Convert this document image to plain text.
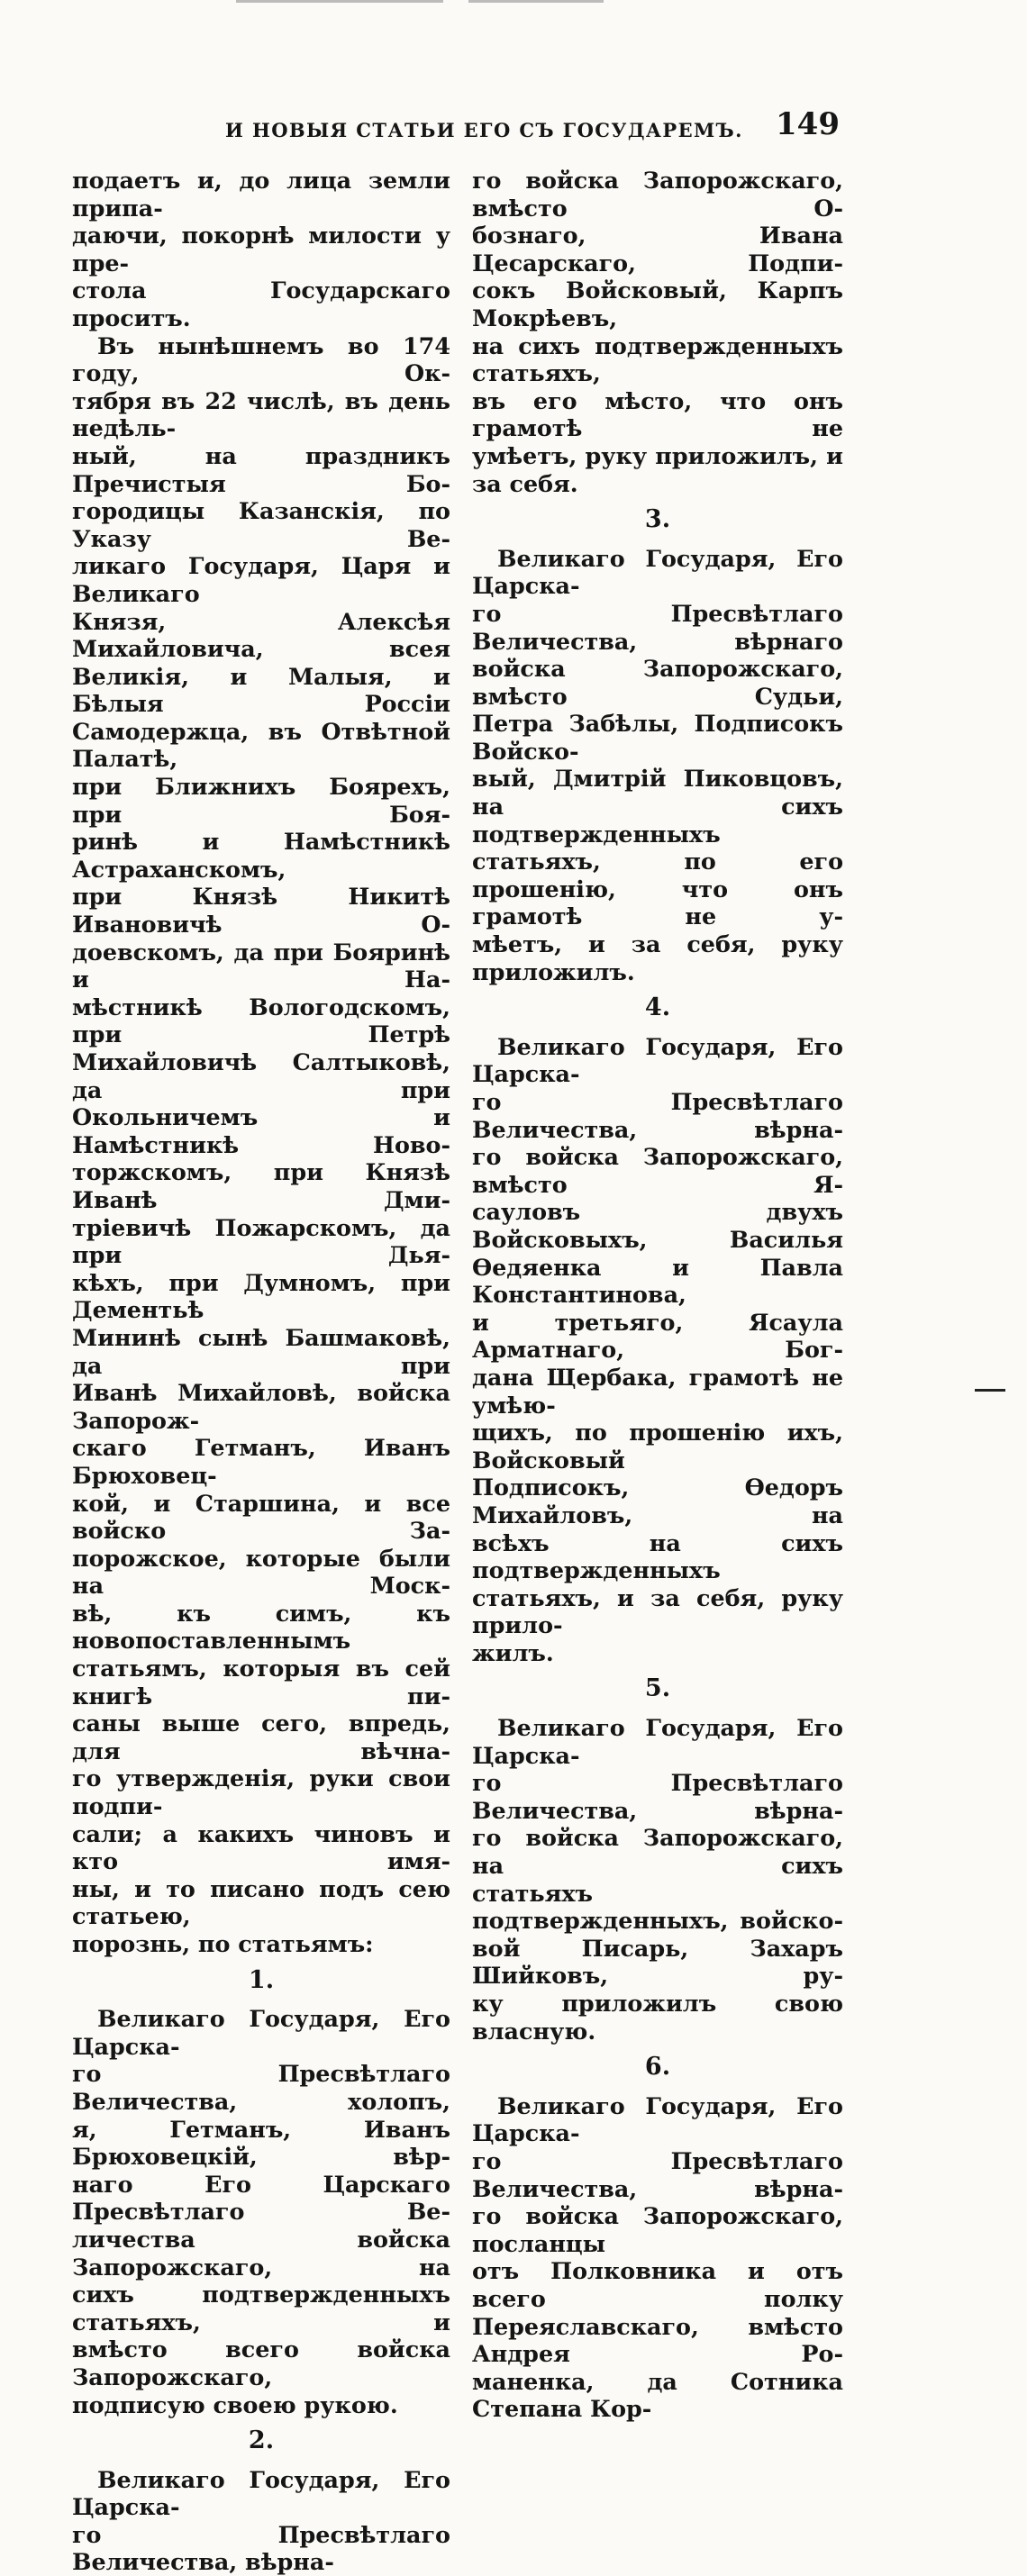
И НОВЫЯ СТАТЬИ ЕГО СЪ ГОСУДАРЕМЪ. 149
подаетъ и, до лица земли припа-
даючи, покорнѣ милости у пре-
стола Государскаго проситъ.
Въ нынѣшнемъ во 174 году, Ок-
тября въ 22 числѣ, въ день недѣль-
ный, на праздникъ Пречистыя Бо-
городицы Казанскія, по Указу Ве-
ликаго Государя, Царя и Великаго
Князя, Алексѣя Михайловича, всея
Великія, и Малыя, и Бѣлыя Россіи
Самодержца, въ Отвѣтной Палатѣ,
при Ближнихъ Боярехъ, при Боя-
ринѣ и Намѣстникѣ Астраханскомъ,
при Князѣ Никитѣ Ивановичѣ О-
доевскомъ, да при Бояринѣ и На-
мѣстникѣ Вологодскомъ, при Петрѣ
Михайловичѣ Салтыковѣ, да при
Окольничемъ и Намѣстникѣ Ново-
торжскомъ, при Князѣ Иванѣ Дми-
тріевичѣ Пожарскомъ, да при Дья-
кѣхъ, при Думномъ, при Дементьѣ
Мининѣ сынѣ Башмаковѣ, да при
Иванѣ Михайловѣ, войска Запорож-
скаго Гетманъ, Иванъ Брюховец-
кой, и Старшина, и все войско За-
порожское, которые были на Моск-
вѣ, къ симъ, къ новопоставленнымъ
статьямъ, которыя въ сей книгѣ пи-
саны выше сего, впредь, для вѣчна-
го утвержденія, руки свои подпи-
сали; а какихъ чиновъ и кто имя-
ны, и то писано подъ сею статьею,
порознь, по статьямъ:
1.
Великаго Государя, Его Царска-
го Пресвѣтлаго Величества, холопъ,
я, Гетманъ, Иванъ Брюховецкій, вѣр-
наго Его Царскаго Пресвѣтлаго Ве-
личества войска Запорожскаго, на
сихъ подтвержденныхъ статьяхъ, и
вмѣсто всего войска Запорожскаго,
подписую своею рукою.
2.
Великаго Государя, Его Царска-
го Пресвѣтлаго Величества, вѣрна-
го войска Запорожскаго, вмѣсто О-
бознаго, Ивана Цесарскаго, Подпи-
сокъ Войсковый, Карпъ Мокрѣевъ,
на сихъ подтвержденныхъ статьяхъ,
въ его мѣсто, что онъ грамотѣ не
умѣетъ, руку приложилъ, и за себя.
3.
Великаго Государя, Его Царска-
го Пресвѣтлаго Величества, вѣрнаго
войска Запорожскаго, вмѣсто Судьи,
Петра Забѣлы, Подписокъ Войско-
вый, Дмитрій Пиковцовъ, на сихъ
подтвержденныхъ статьяхъ, по его
прошенію, что онъ грамотѣ не у-
мѣетъ, и за себя, руку приложилъ.
4.
Великаго Государя, Его Царска-
го Пресвѣтлаго Величества, вѣрна-
го войска Запорожскаго, вмѣсто Я-
сауловъ двухъ Войсковыхъ, Василья
Ѳедяенка и Павла Константинова,
и третьяго, Ясаула Арматнаго, Бог-
дана Щербака, грамотѣ не умѣю-
щихъ, по прошенію ихъ, Войсковый
Подписокъ, Ѳедоръ Михайловъ, на
всѣхъ на сихъ подтвержденныхъ
статьяхъ, и за себя, руку прило-
жилъ.
5.
Великаго Государя, Его Царска-
го Пресвѣтлаго Величества, вѣрна-
го войска Запорожскаго, на сихъ
статьяхъ подтвержденныхъ, войско-
вой Писарь, Захаръ Шийковъ, ру-
ку приложилъ свою власную.
6.
Великаго Государя, Его Царска-
го Пресвѣтлаго Величества, вѣрна-
го войска Запорожскаго, посланцы
отъ Полковника и отъ всего полку
Переяславскаго, вмѣсто Андрея Ро-
маненка, да Сотника Степана Кор-
